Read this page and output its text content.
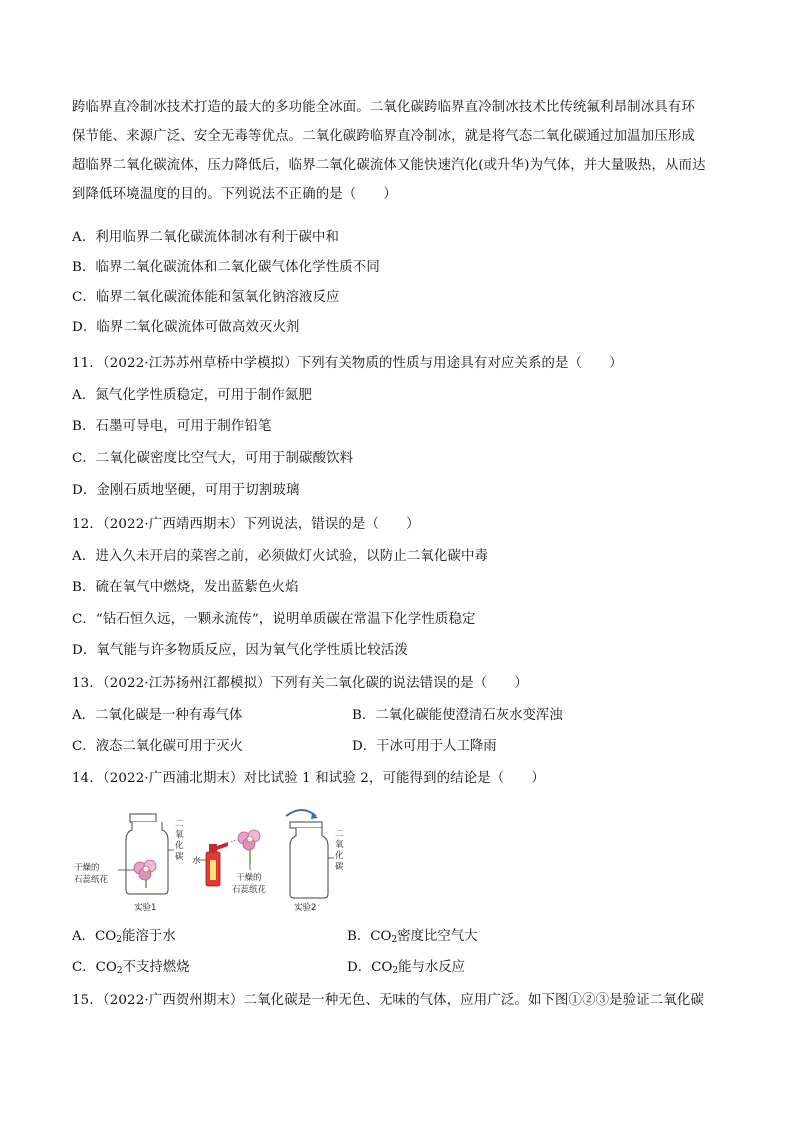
跨临界直冷制冰技术打造的最大的多功能全冰面。二氧化碳跨临界直冷制冰技术比传统氟利昂制冰具有环
保节能、来源广泛、安全无毒等优点。二氧化碳跨临界直冷制冰，就是将气态二氧化碳通过加温加压形成
超临界二氧化碳流体，压力降低后，临界二氧化碳流体又能快速汽化(或升华)为气体，并大量吸热，从而达
到降低环境温度的目的。下列说法不正确的是（　　）
A．利用临界二氧化碳流体制冰有利于碳中和
B．临界二氧化碳流体和二氧化碳气体化学性质不同
C．临界二氧化碳流体能和氢氧化钠溶液反应
D．临界二氧化碳流体可做高效灭火剂
11．（2022·江苏苏州草桥中学模拟）下列有关物质的性质与用途具有对应关系的是（　　）
A．氮气化学性质稳定，可用于制作氮肥
B．石墨可导电，可用于制作铅笔
C．二氧化碳密度比空气大，可用于制碳酸饮料
D．金刚石质地坚硬，可用于切割玻璃
12．（2022·广西靖西期末）下列说法，错误的是（　　）
A．进入久未开启的菜窖之前，必须做灯火试验，以防止二氧化碳中毒
B．硫在氧气中燃烧，发出蓝紫色火焰
C．“钻石恒久远，一颗永流传”，说明单质碳在常温下化学性质稳定
D．氧气能与许多物质反应，因为氧气化学性质比较活泼
13．（2022·江苏扬州江都模拟）下列有关二氧化碳的说法错误的是（　　）
A．二氧化碳是一种有毒气体	B．二氧化碳能使澄清石灰水变浑浊
C．液态二氧化碳可用于灭火	D．干冰可用于人工降雨
14．（2022·广西浦北期末）对比试验 1 和试验 2，可能得到的结论是（　　）
二
氧
化
碳
干燥的
石蕊纸花
实验1
水
干燥的
石蕊纸花
二
氧
化
碳
实验2
A．$CO_2$能溶于水	B．$CO_2$密度比空气大
C．$CO_2$不支持燃烧	D．$CO_2$能与水反应
15．（2022·广西贺州期末）二氧化碳是一种无色、无味的气体，应用广泛。如下图①②③是验证二氧化碳
